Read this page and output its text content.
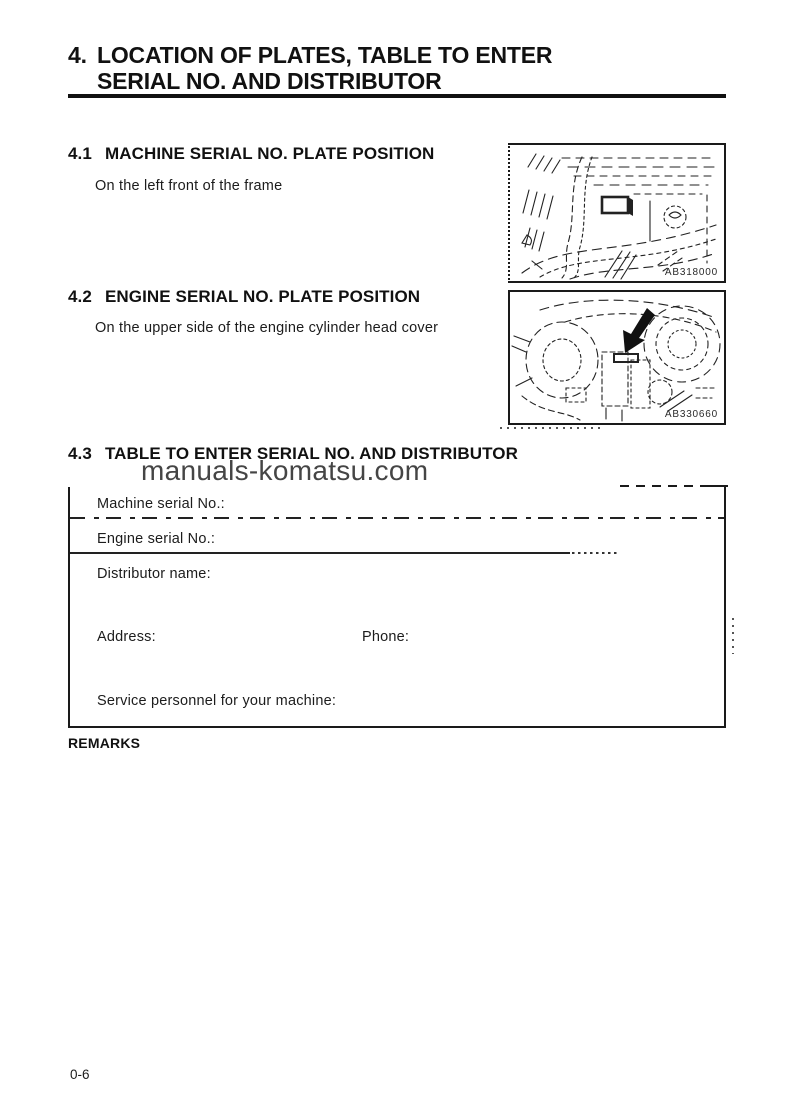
4. LOCATION OF PLATES, TABLE TO ENTER
SERIAL NO. AND DISTRIBUTOR
4.1 MACHINE SERIAL NO. PLATE POSITION
On the left front of the frame
AB318000
4.2 ENGINE SERIAL NO. PLATE POSITION
On the upper side of the engine cylinder head cover
AB330660
4.3 TABLE TO ENTER SERIAL NO. AND DISTRIBUTOR
manuals-komatsu.com
Machine serial No.:
Engine serial No.:
Distributor name:
Address:	Phone:
Service personnel for your machine:
REMARKS
0-6
